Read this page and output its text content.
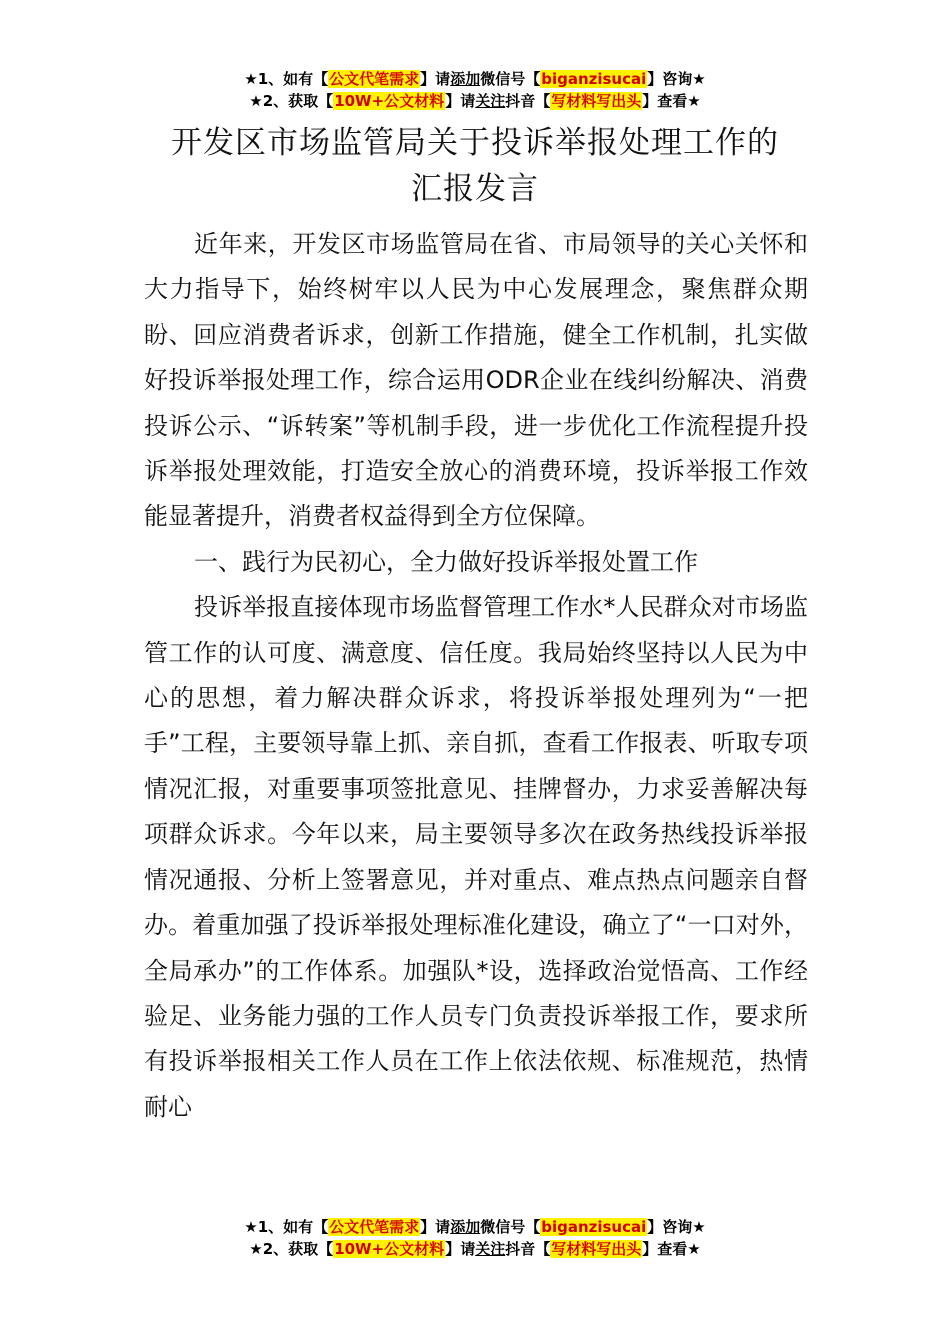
★1、如有【公文代笔需求】请添加微信号【biganzisucai】咨询★
★2、获取【10W+公文材料】请关注抖音【写材料写出头】查看★
开发区市场监管局关于投诉举报处理工作的
汇报发言

近年来，开发区市场监管局在省、市局领导的关心关怀和大力指导下，始终树牢以人民为中心发展理念，聚焦群众期盼、回应消费者诉求，创新工作措施，健全工作机制，扎实做好投诉举报处理工作，综合运用ODR企业在线纠纷解决、消费投诉公示、“诉转案”等机制手段，进一步优化工作流程提升投诉举报处理效能，打造安全放心的消费环境，投诉举报工作效能显著提升，消费者权益得到全方位保障。

一、践行为民初心，全力做好投诉举报处置工作

投诉举报直接体现市场监督管理工作水*人民群众对市场监管工作的认可度、满意度、信任度。我局始终坚持以人民为中心的思想，着力解决群众诉求，将投诉举报处理列为“一把手”工程，主要领导靠上抓、亲自抓，查看工作报表、听取专项情况汇报，对重要事项签批意见、挂牌督办，力求妥善解决每项群众诉求。今年以来，局主要领导多次在政务热线投诉举报情况通报、分析上签署意见，并对重点、难点热点问题亲自督办。着重加强了投诉举报处理标准化建设，确立了“一口对外，全局承办”的工作体系。加强队*设，选择政治觉悟高、工作经验足、业务能力强的工作人员专门负责投诉举报工作，要求所有投诉举报相关工作人员在工作上依法依规、标准规范，热情耐心

★1、如有【公文代笔需求】请添加微信号【biganzisucai】咨询★
★2、获取【10W+公文材料】请关注抖音【写材料写出头】查看★
